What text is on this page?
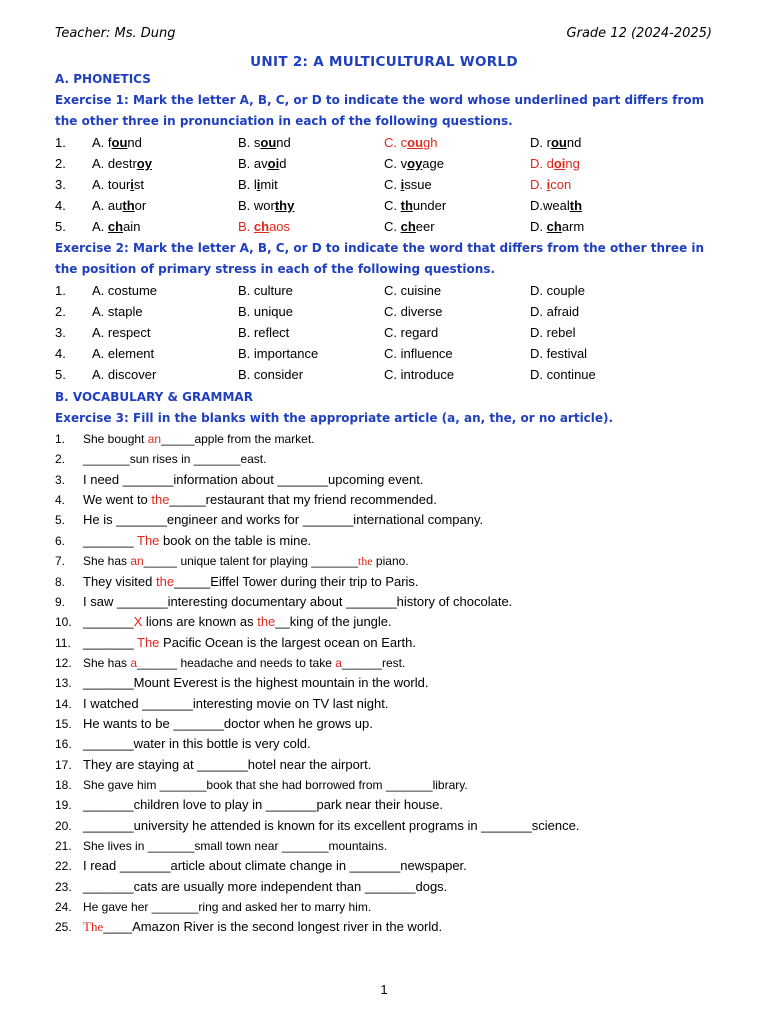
Teacher: Ms. Dung	Grade 12 (2024-2025)
UNIT 2: A MULTICULTURAL WORLD
A. PHONETICS
Exercise 1: Mark the letter A, B, C, or D to indicate the word whose underlined part differs from the other three in pronunciation in each of the following questions.
1. A. found	B. sound	C. cough	D. round
2. A. destroy	B. avoid	C. voyage	D. doing
3. A. tourist	B. limit	C. issue	D. icon
4. A. author	B. worthy	C. thunder	D.wealth
5. A. chain	B. chaos	C. cheer	D. charm
Exercise 2: Mark the letter A, B, C, or D to indicate the word that differs from the other three in the position of primary stress in each of the following questions.
1. A. costume	B. culture	C. cuisine	D. couple
2. A. staple	B. unique	C. diverse	D. afraid
3. A. respect	B. reflect	C. regard	D. rebel
4. A. element	B. importance	C. influence	D. festival
5. A. discover	B. consider	C. introduce	D. continue
B. VOCABULARY & GRAMMAR
Exercise 3: Fill in the blanks with the appropriate article (a, an, the, or no article).
1. She bought an_____apple from the market.
2. _______sun rises in _______east.
3. I need _______information about _______upcoming event.
4. We went to the_____restaurant that my friend recommended.
5. He is _______engineer and works for _______international company.
6. _______ The book on the table is mine.
7. She has an_____ unique talent for playing _______the piano.
8. They visited the_____Eiffel Tower during their trip to Paris.
9. I saw _______interesting documentary about _______history of chocolate.
10. _______X lions are known as the__king of the jungle.
11. _______ The Pacific Ocean is the largest ocean on Earth.
12. She has a______ headache and needs to take a______rest.
13. _______Mount Everest is the highest mountain in the world.
14. I watched _______interesting movie on TV last night.
15. He wants to be _______doctor when he grows up.
16. _______water in this bottle is very cold.
17. They are staying at _______hotel near the airport.
18. She gave him _______book that she had borrowed from _______library.
19. _______children love to play in _______park near their house.
20. _______university he attended is known for its excellent programs in _______science.
21. She lives in _______small town near _______mountains.
22. I read _______article about climate change in _______newspaper.
23. _______cats are usually more independent than _______dogs.
24. He gave her _______ring and asked her to marry him.
25. The____Amazon River is the second longest river in the world.
1
